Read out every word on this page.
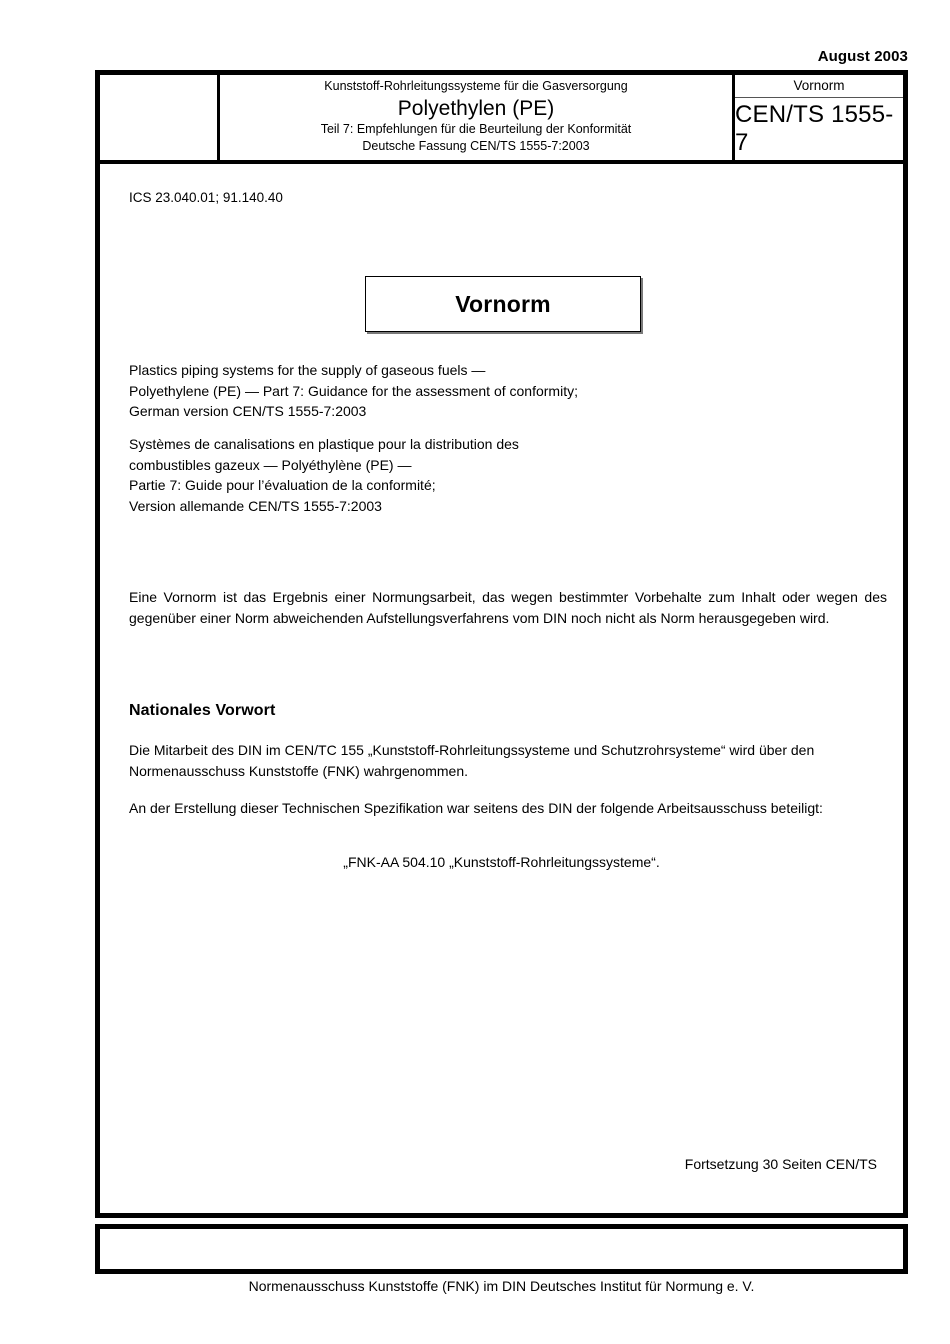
August 2003
Kunststoff-Rohrleitungssysteme für die Gasversorgung
Polyethylen (PE)
Teil 7: Empfehlungen für die Beurteilung der Konformität
Deutsche Fassung CEN/TS 1555-7:2003
Vornorm
CEN/TS 1555-7
ICS 23.040.01; 91.140.40
Vornorm
Plastics piping systems for the supply of gaseous fuels —
Polyethylene (PE) — Part 7: Guidance for the assessment of conformity;
German version CEN/TS 1555-7:2003
Systèmes de canalisations en plastique pour la distribution des
combustibles gazeux — Polyéthylène (PE) —
Partie 7: Guide pour l’évaluation de la conformité;
Version allemande CEN/TS 1555-7:2003
Eine Vornorm ist das Ergebnis einer Normungsarbeit, das wegen bestimmter Vorbehalte zum Inhalt oder wegen des gegenüber einer Norm abweichenden Aufstellungsverfahrens vom DIN noch nicht als Norm herausgegeben wird.
Nationales Vorwort
Die Mitarbeit des DIN im CEN/TC 155 „Kunststoff-Rohrleitungssysteme und Schutzrohrsysteme“ wird über den Normenausschuss Kunststoffe (FNK) wahrgenommen.
An der Erstellung dieser Technischen Spezifikation war seitens des DIN der folgende Arbeitsausschuss beteiligt:
„FNK-AA 504.10 „Kunststoff-Rohrleitungssysteme“.
Fortsetzung 30 Seiten CEN/TS
Normenausschuss Kunststoffe (FNK) im DIN Deutsches Institut für Normung e. V.
